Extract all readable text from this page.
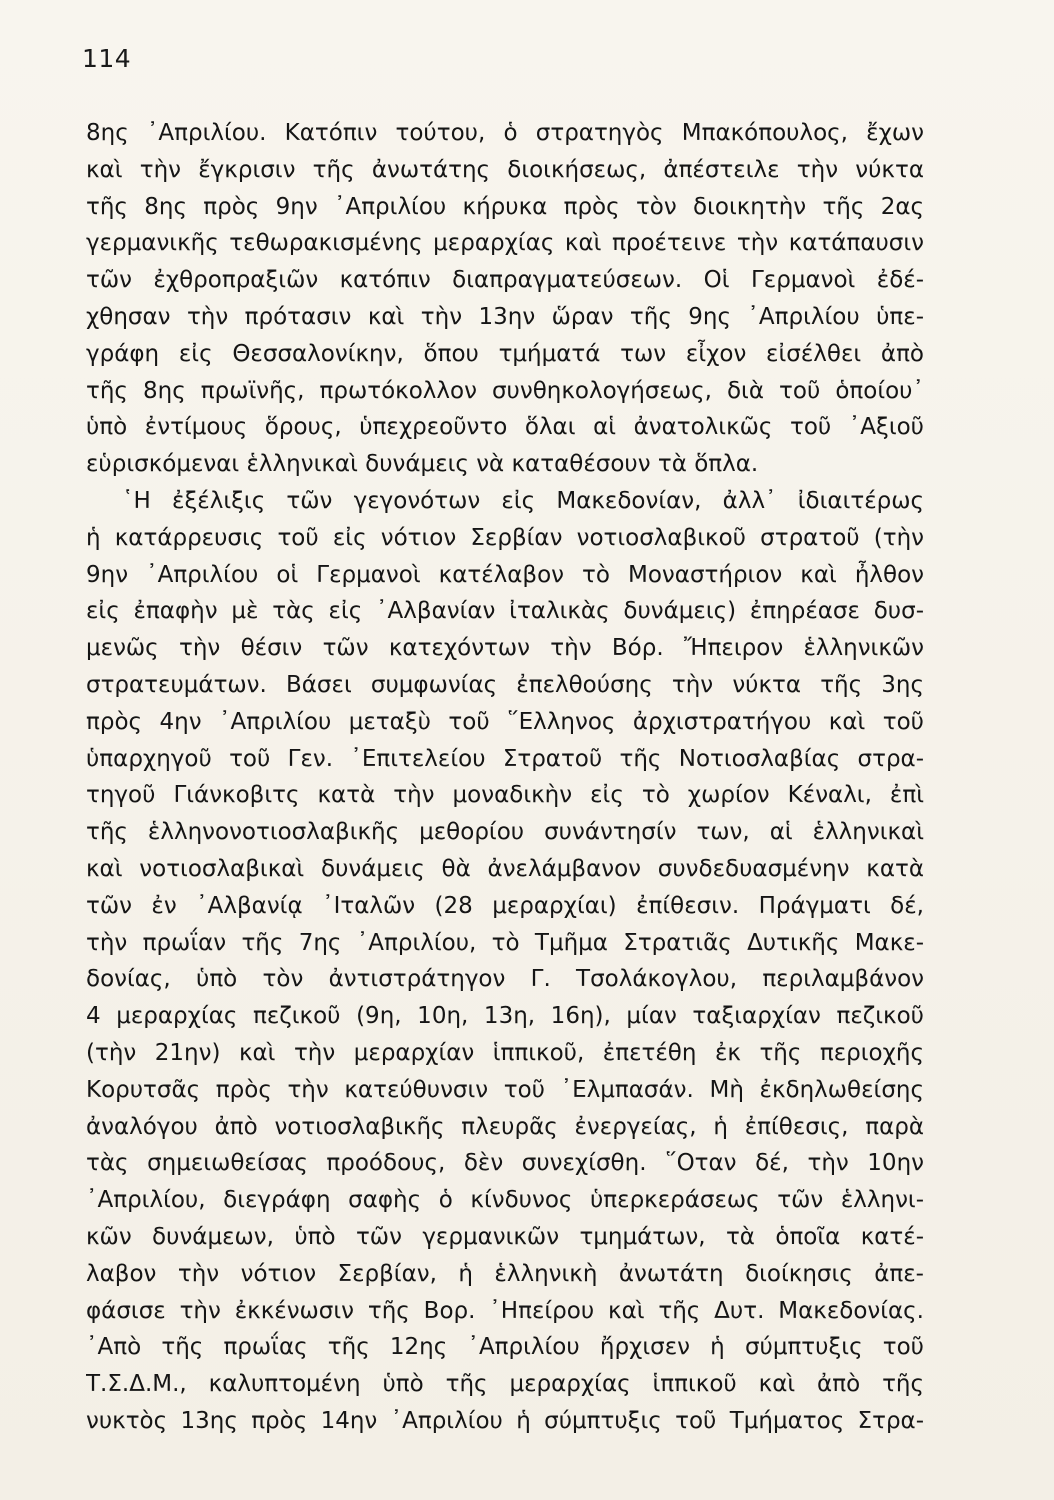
114
8ης ᾽Απριλίου. Κατόπιν τούτου, ὁ στρατηγὸς Μπακόπουλος, ἔχων
καὶ τὴν ἔγκρισιν τῆς ἀνωτάτης διοικήσεως, ἀπέστειλε τὴν νύκτα
τῆς 8ης πρὸς 9ην ᾽Απριλίου κήρυκα πρὸς τὸν διοικητὴν τῆς 2ας
γερμανικῆς τεθωρακισμένης μεραρχίας καὶ προέτεινε τὴν κατάπαυσιν
τῶν ἐχθροπραξιῶν κατόπιν διαπραγματεύσεων. Οἱ Γερμανοὶ ἐδέ-
χθησαν τὴν πρότασιν καὶ τὴν 13ην ὥραν τῆς 9ης ᾽Απριλίου ὑπε-
γράφη εἰς Θεσσαλονίκην, ὅπου τμήματά των εἶχον εἰσέλθει ἀπὸ
τῆς 8ης πρωϊνῆς, πρωτόκολλον συνθηκολογήσεως, διὰ τοῦ ὁποίου᾽
ὑπὸ ἐντίμους ὅρους, ὑπεχρεοῦντο ὅλαι αἱ ἀνατολικῶς τοῦ ᾽Αξιοῦ
εὑρισκόμεναι ἑλληνικαὶ δυνάμεις νὰ καταθέσουν τὰ ὅπλα.
῾Η ἐξέλιξις τῶν γεγονότων εἰς Μακεδονίαν, ἀλλ᾽ ἰδιαιτέρως
ἡ κατάρρευσις τοῦ εἰς νότιον Σερβίαν νοτιοσλαβικοῦ στρατοῦ (τὴν
9ην ᾽Απριλίου οἱ Γερμανοὶ κατέλαβον τὸ Μοναστήριον καὶ ἦλθον
εἰς ἐπαφὴν μὲ τὰς εἰς ᾽Αλβανίαν ἰταλικὰς δυνάμεις) ἐπηρέασε δυσ-
μενῶς τὴν θέσιν τῶν κατεχόντων τὴν Βόρ. Ἤπειρον ἑλληνικῶν
στρατευμάτων. Βάσει συμφωνίας ἐπελθούσης τὴν νύκτα τῆς 3ης
πρὸς 4ην ᾽Απριλίου μεταξὺ τοῦ ῞Ελληνος ἀρχιστρατήγου καὶ τοῦ
ὑπαρχηγοῦ τοῦ Γεν. ᾽Επιτελείου Στρατοῦ τῆς Νοτιοσλαβίας στρα-
τηγοῦ Γιάνκοβιτς κατὰ τὴν μοναδικὴν εἰς τὸ χωρίον Κέναλι, ἐπὶ
τῆς ἑλληνονοτιοσλαβικῆς μεθορίου συνάντησίν των, αἱ ἑλληνικαὶ
καὶ νοτιοσλαβικαὶ δυνάμεις θὰ ἀνελάμβανον συνδεδυασμένην κατὰ
τῶν ἐν ᾽Αλβανίᾳ ᾽Ιταλῶν (28 μεραρχίαι) ἐπίθεσιν. Πράγματι δέ,
τὴν πρωΐαν τῆς 7ης ᾽Απριλίου, τὸ Τμῆμα Στρατιᾶς Δυτικῆς Μακε-
δονίας, ὑπὸ τὸν ἀντιστράτηγον Γ. Τσολάκογλου, περιλαμβάνον
4 μεραρχίας πεζικοῦ (9η, 10η, 13η, 16η), μίαν ταξιαρχίαν πεζικοῦ
(τὴν 21ην) καὶ τὴν μεραρχίαν ἱππικοῦ, ἐπετέθη ἐκ τῆς περιοχῆς
Κορυτσᾶς πρὸς τὴν κατεύθυνσιν τοῦ ᾽Ελμπασάν. Μὴ ἐκδηλωθείσης
ἀναλόγου ἀπὸ νοτιοσλαβικῆς πλευρᾶς ἐνεργείας, ἡ ἐπίθεσις, παρὰ
τὰς σημειωθείσας προόδους, δὲν συνεχίσθη. ῞Οταν δέ, τὴν 10ην
᾽Απριλίου, διεγράφη σαφὴς ὁ κίνδυνος ὑπερκεράσεως τῶν ἑλληνι-
κῶν δυνάμεων, ὑπὸ τῶν γερμανικῶν τμημάτων, τὰ ὁποῖα κατέ-
λαβον τὴν νότιον Σερβίαν, ἡ ἑλληνικὴ ἀνωτάτη διοίκησις ἀπε-
φάσισε τὴν ἐκκένωσιν τῆς Βορ. ᾽Ηπείρου καὶ τῆς Δυτ. Μακεδονίας.
᾽Απὸ τῆς πρωΐας τῆς 12ης ᾽Απριλίου ἤρχισεν ἡ σύμπτυξις τοῦ
Τ.Σ.Δ.Μ., καλυπτομένη ὑπὸ τῆς μεραρχίας ἱππικοῦ καὶ ἀπὸ τῆς
νυκτὸς 13ης πρὸς 14ην ᾽Απριλίου ἡ σύμπτυξις τοῦ Τμήματος Στρα-
